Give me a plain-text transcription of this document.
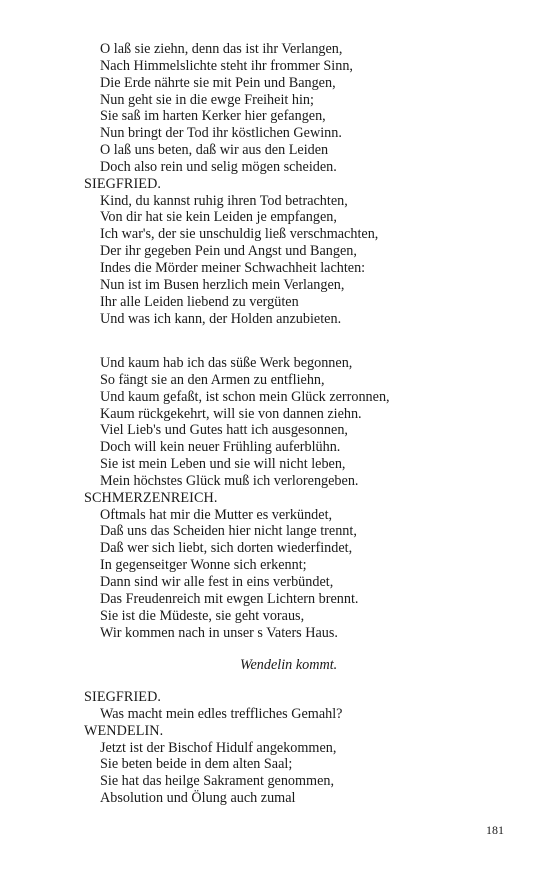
O laß sie ziehn, denn das ist ihr Verlangen,
Nach Himmelslichte steht ihr frommer Sinn,
Die Erde nährte sie mit Pein und Bangen,
Nun geht sie in die ewge Freiheit hin;
Sie saß im harten Kerker hier gefangen,
Nun bringt der Tod ihr köstlichen Gewinn.
O laß uns beten, daß wir aus den Leiden
Doch also rein und selig mögen scheiden.
SIEGFRIED.
Kind, du kannst ruhig ihren Tod betrachten,
Von dir hat sie kein Leiden je empfangen,
Ich war's, der sie unschuldig ließ verschmachten,
Der ihr gegeben Pein und Angst und Bangen,
Indes die Mörder meiner Schwachheit lachten:
Nun ist im Busen herzlich mein Verlangen,
Ihr alle Leiden liebend zu vergüten
Und was ich kann, der Holden anzubieten.
Und kaum hab ich das süße Werk begonnen,
So fängt sie an den Armen zu entfliehn,
Und kaum gefaßt, ist schon mein Glück zerronnen,
Kaum rückgekehrt, will sie von dannen ziehn.
Viel Lieb's und Gutes hatt ich ausgesonnen,
Doch will kein neuer Frühling auferblühn.
Sie ist mein Leben und sie will nicht leben,
Mein höchstes Glück muß ich verlorengeben.
SCHMERZENREICH.
Oftmals hat mir die Mutter es verkündet,
Daß uns das Scheiden hier nicht lange trennt,
Daß wer sich liebt, sich dorten wiederfindet,
In gegenseitger Wonne sich erkennt;
Dann sind wir alle fest in eins verbündet,
Das Freudenreich mit ewgen Lichtern brennt.
Sie ist die Müdeste, sie geht voraus,
Wir kommen nach in unser s Vaters Haus.
Wendelin kommt.
SIEGFRIED.
Was macht mein edles treffliches Gemahl?
WENDELIN.
Jetzt ist der Bischof Hidulf angekommen,
Sie beten beide in dem alten Saal;
Sie hat das heilge Sakrament genommen,
Absolution und Ölung auch zumal
181
